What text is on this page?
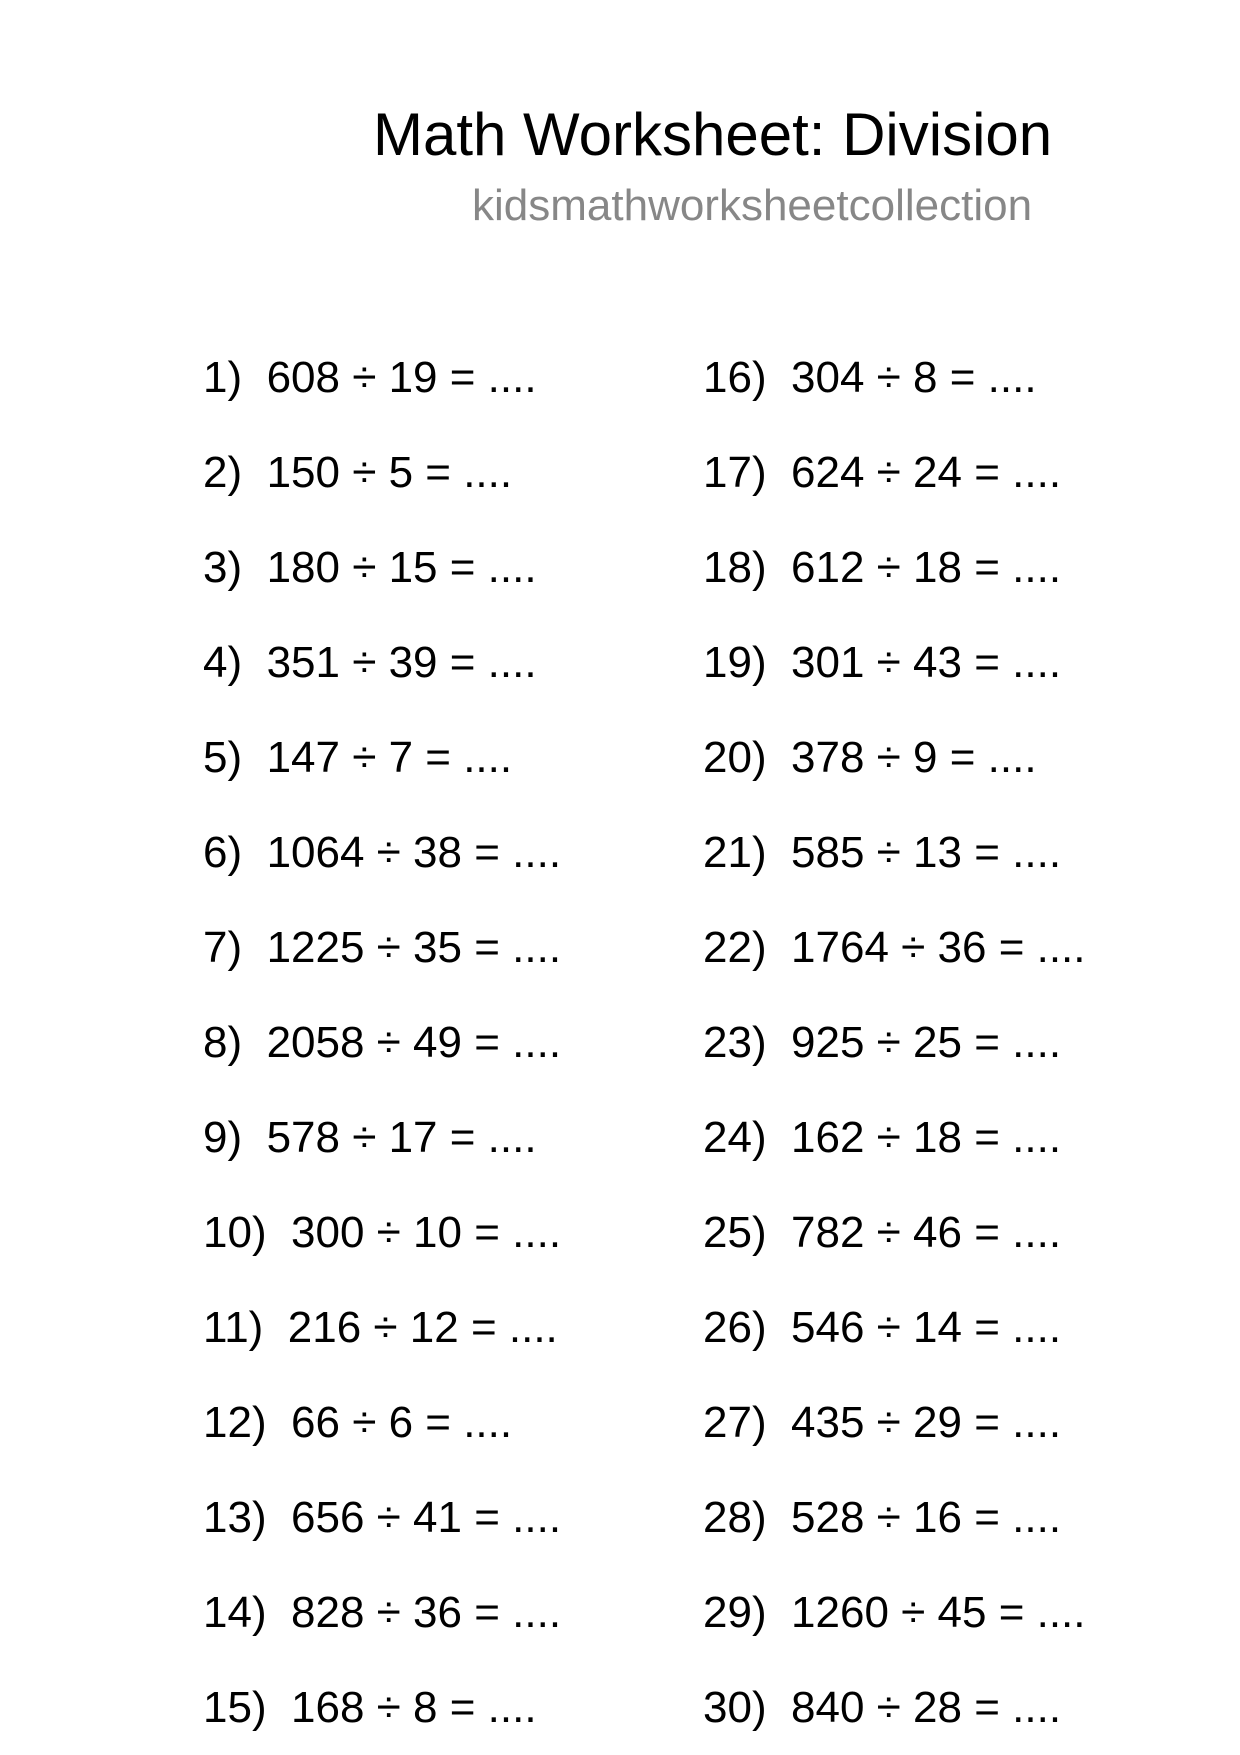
Math Worksheet: Division
kidsmathworksheetcollection
1)  608 ÷ 19 = ....
2)  150 ÷ 5 = ....
3)  180 ÷ 15 = ....
4)  351 ÷ 39 = ....
5)  147 ÷ 7 = ....
6)  1064 ÷ 38 = ....
7)  1225 ÷ 35 = ....
8)  2058 ÷ 49 = ....
9)  578 ÷ 17 = ....
10)  300 ÷ 10 = ....
11)  216 ÷ 12 = ....
12)  66 ÷ 6 = ....
13)  656 ÷ 41 = ....
14)  828 ÷ 36 = ....
15)  168 ÷ 8 = ....
16)  304 ÷ 8 = ....
17)  624 ÷ 24 = ....
18)  612 ÷ 18 = ....
19)  301 ÷ 43 = ....
20)  378 ÷ 9 = ....
21)  585 ÷ 13 = ....
22)  1764 ÷ 36 = ....
23)  925 ÷ 25 = ....
24)  162 ÷ 18 = ....
25)  782 ÷ 46 = ....
26)  546 ÷ 14 = ....
27)  435 ÷ 29 = ....
28)  528 ÷ 16 = ....
29)  1260 ÷ 45 = ....
30)  840 ÷ 28 = ....
